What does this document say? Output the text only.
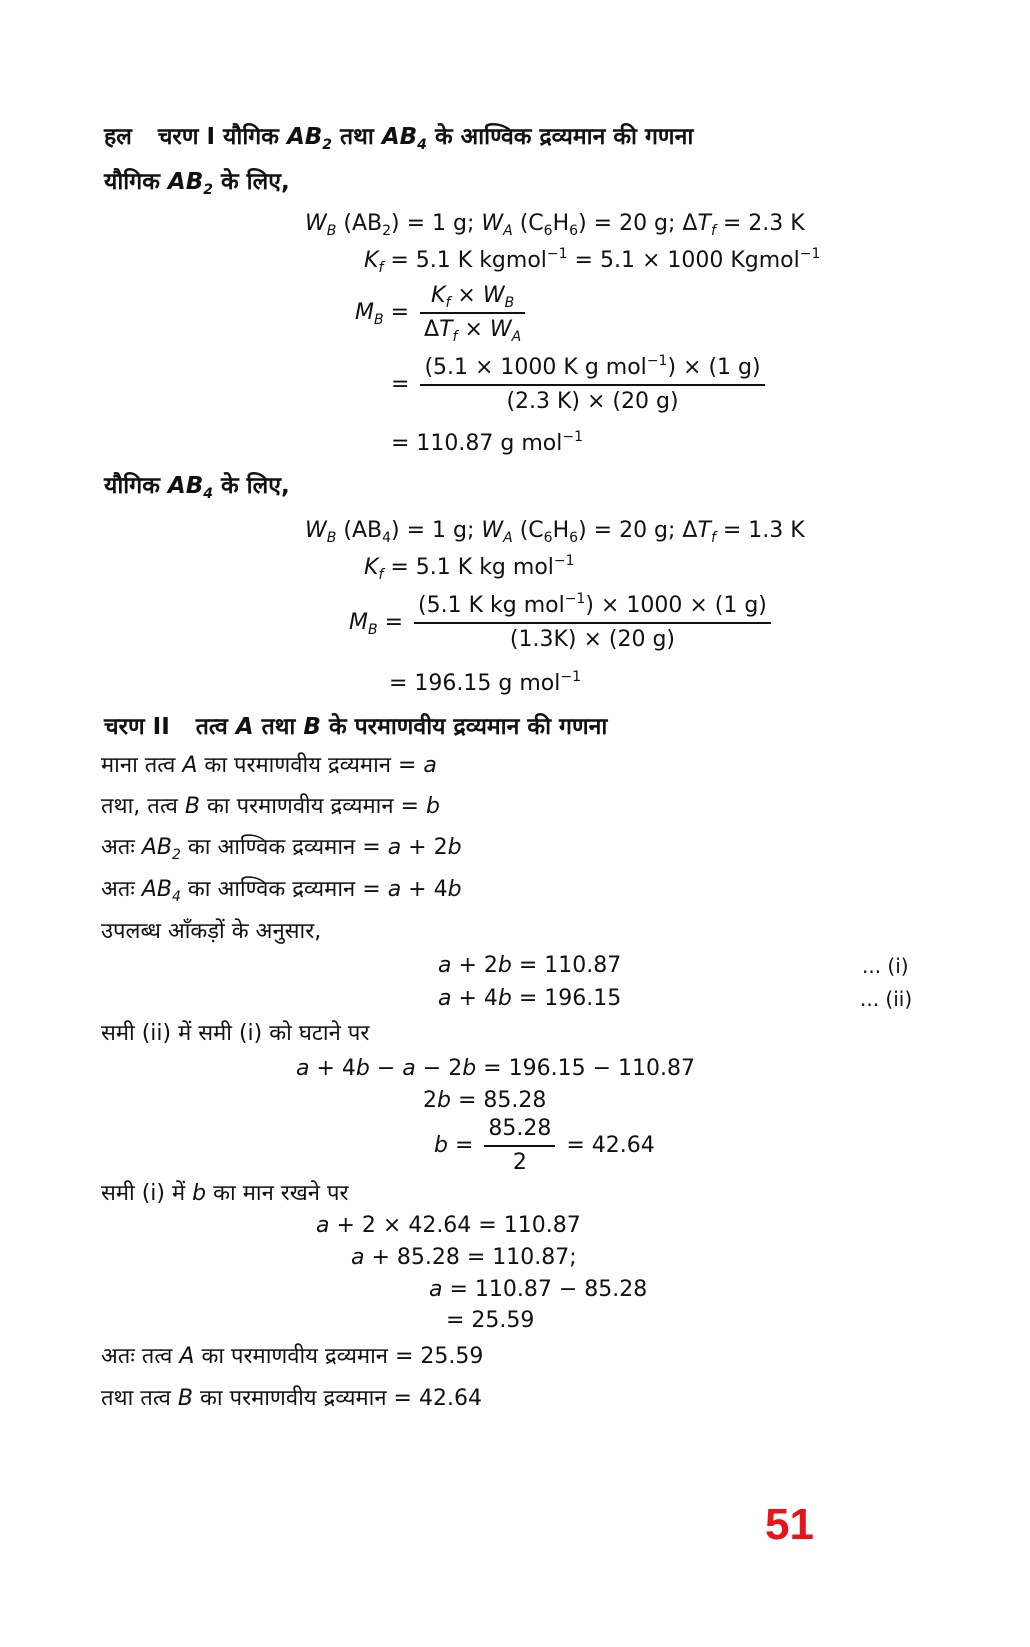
हल चरण I यौगिक $AB_2$ तथा $AB_4$ के आण्विक द्रव्यमान की गणना
यौगिक $AB_2$ के लिए,
$W_B$ $(AB_2) = 1$ g; $W_A$ $(C_6H_6) = 20$ g; $\Delta T_f = 2.3$ K
$K_f = 5.1$ K kgmol$^{-1}$ = 5.1 × 1000 Kgmol$^{-1}$
$M_B = \frac{K_f \times W_B}{\Delta T_f \times W_A}$
= $\frac{(5.1 \times 1000 K g mol^{-1}) \times (1 g)}{(2.3 K) \times (20 g)}$
= 110.87 g mol$^{-1}$
यौगिक $AB_4$ के लिए,
$W_B$ $(AB_4) = 1$ g; $W_A$ $(C_6H_6) = 20$ g; $\Delta T_f = 1.3$ K
$K_f = 5.1$ K kg mol$^{-1}$
$M_B = \frac{(5.1 K kg mol^{-1}) \times 1000 \times (1 g)}{(1.3K) \times (20 g)}$
= 196.15 g mol$^{-1}$
चरण II तत्व A तथा B के परमाणवीय द्रव्यमान की गणना
माना तत्व A का परमाणवीय द्रव्यमान = a
तथा, तत्व B का परमाणवीय द्रव्यमान = b
अतः $AB_2$ का आण्विक द्रव्यमान = a + 2b
अतः $AB_4$ का आण्विक द्रव्यमान = a + 4b
उपलब्ध आँकड़ों के अनुसार,
a + 2b = 110.87	... (i)
a + 4b = 196.15	... (ii)
समी (ii) में समी (i) को घटाने पर
a + 4b − a − 2b = 196.15 − 110.87
2b = 85.28
$b = \frac{85.28}{2} = 42.64$
समी (i) में b का मान रखने पर
a + 2 × 42.64 = 110.87
a + 85.28 = 110.87;
a = 110.87 − 85.28
= 25.59
अतः तत्व A का परमाणवीय द्रव्यमान = 25.59
तथा तत्व B का परमाणवीय द्रव्यमान = 42.64
51
